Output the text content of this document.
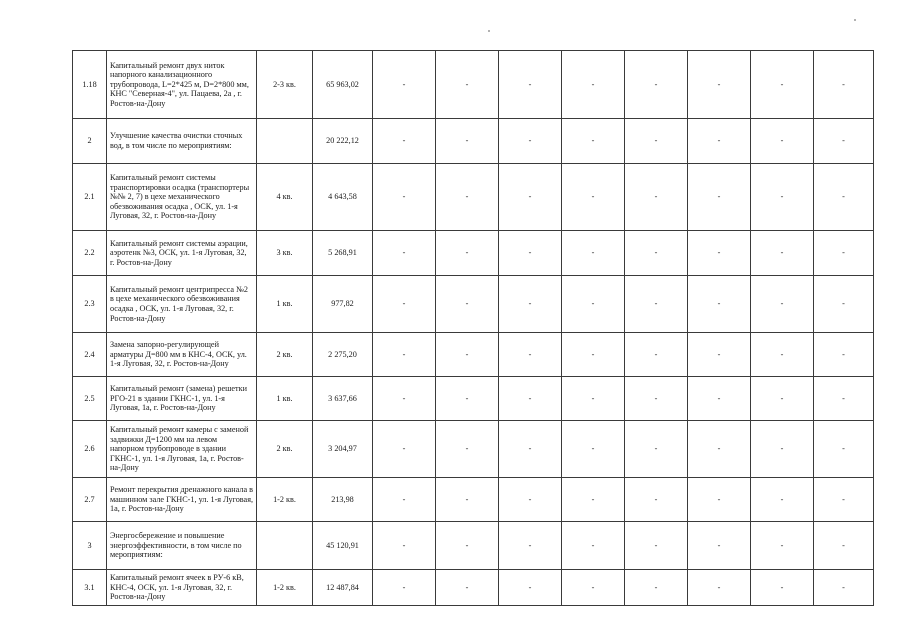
1.18	Капитальный ремонт двух ниток напорного канализационного трубопровода, L=2*425 м, D=2*800 мм, КНС "Северная-4", ул. Пацаева, 2а , г. Ростов-на-Дону	2-3 кв.	65 963,02	-	-	-	-	-	-	-	-
2	Улучшение качества очистки сточных вод, в том числе по мероприятиям:		20 222,12	-	-	-	-	-	-	-	-
2.1	Капитальный ремонт системы транспортировки осадка (транспортеры №№ 2, 7) в цехе механического обезвоживания осадка , ОСК, ул. 1-я Луговая, 32, г. Ростов-на-Дону	4 кв.	4 643,58	-	-	-	-	-	-	-	-
2.2	Капитальный ремонт системы аэрации, аэротенк №3, ОСК, ул. 1-я Луговая, 32, г. Ростов-на-Дону	3 кв.	5 268,91	-	-	-	-	-	-	-	-
2.3	Капитальный ремонт центрипресса №2 в цехе механического обезвоживания осадка , ОСК, ул. 1-я Луговая, 32, г. Ростов-на-Дону	1 кв.	977,82	-	-	-	-	-	-	-	-
2.4	Замена запорно-регулирующей арматуры Д=800 мм в КНС-4, ОСК, ул. 1-я Луговая, 32, г. Ростов-на-Дону	2 кв.	2 275,20	-	-	-	-	-	-	-	-
2.5	Капитальный ремонт (замена) решетки РГО-21 в здании ГКНС-1, ул. 1-я Луговая, 1а, г. Ростов-на-Дону	1 кв.	3 637,66	-	-	-	-	-	-	-	-
2.6	Капитальный ремонт камеры с заменой задвижки Д=1200 мм на левом напорном трубопроводе в здании ГКНС-1, ул. 1-я Луговая, 1а, г. Ростов-на-Дону	2 кв.	3 204,97	-	-	-	-	-	-	-	-
2.7	Ремонт перекрытия дренажного канала в машинном зале ГКНС-1, ул. 1-я Луговая, 1а, г. Ростов-на-Дону	1-2 кв.	213,98	-	-	-	-	-	-	-	-
3	Энергосбережение и повышение энергоэффективности, в том числе по мероприятиям:		45 120,91	-	-	-	-	-	-	-	-
3.1	Капитальный ремонт ячеек в РУ-6 кВ, КНС-4, ОСК, ул. 1-я Луговая, 32, г. Ростов-на-Дону	1-2 кв.	12 487,84	-	-	-	-	-	-	-	-
